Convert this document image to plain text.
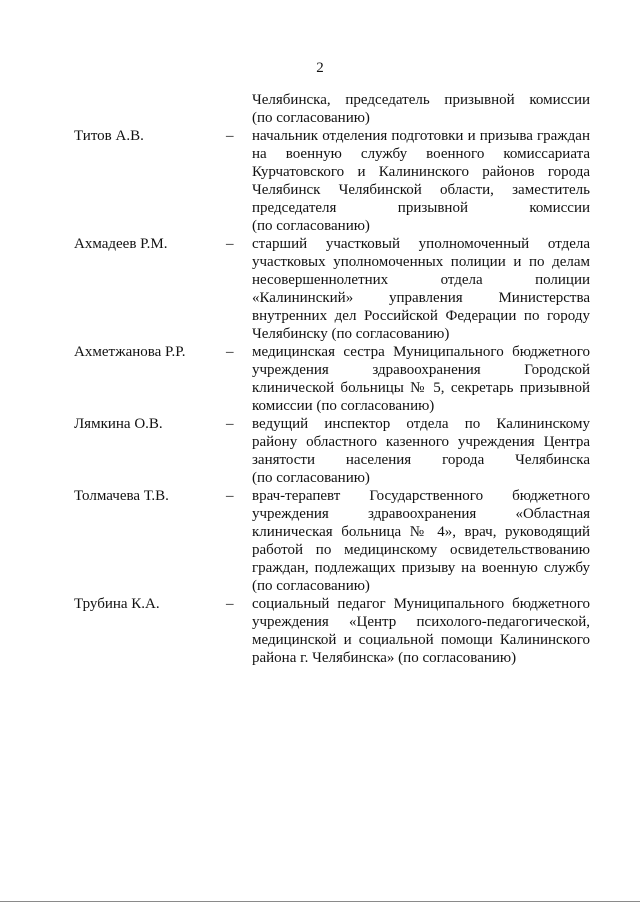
2
Челябинска, председатель призывной комиссии
(по согласованию)
Титов А.В.	– начальник отделения подготовки и призыва граждан
на военную службу военного комиссариата
Курчатовского и Калининского районов города
Челябинск Челябинской области, заместитель
председателя призывной комиссии
(по согласованию)
Ахмадеев Р.М.	– старший участковый уполномоченный отдела
участковых уполномоченных полиции и по делам
несовершеннолетних отдела полиции
«Калининский» управления Министерства
внутренних дел Российской Федерации по городу
Челябинску (по согласованию)
Ахметжанова Р.Р.	– медицинская сестра Муниципального бюджетного
учреждения здравоохранения Городской
клинической больницы № 5, секретарь призывной
комиссии (по согласованию)
Лямкина О.В.	– ведущий инспектор отдела по Калининскому
району областного казенного учреждения Центра
занятости населения города Челябинска
(по согласованию)
Толмачева Т.В.	– врач-терапевт Государственного бюджетного
учреждения здравоохранения «Областная
клиническая больница № 4», врач, руководящий
работой по медицинскому освидетельствованию
граждан, подлежащих призыву на военную службу
(по согласованию)
Трубина К.А.	– социальный педагог Муниципального бюджетного
учреждения «Центр психолого-педагогической,
медицинской и социальной помощи Калининского
района г. Челябинска» (по согласованию)
